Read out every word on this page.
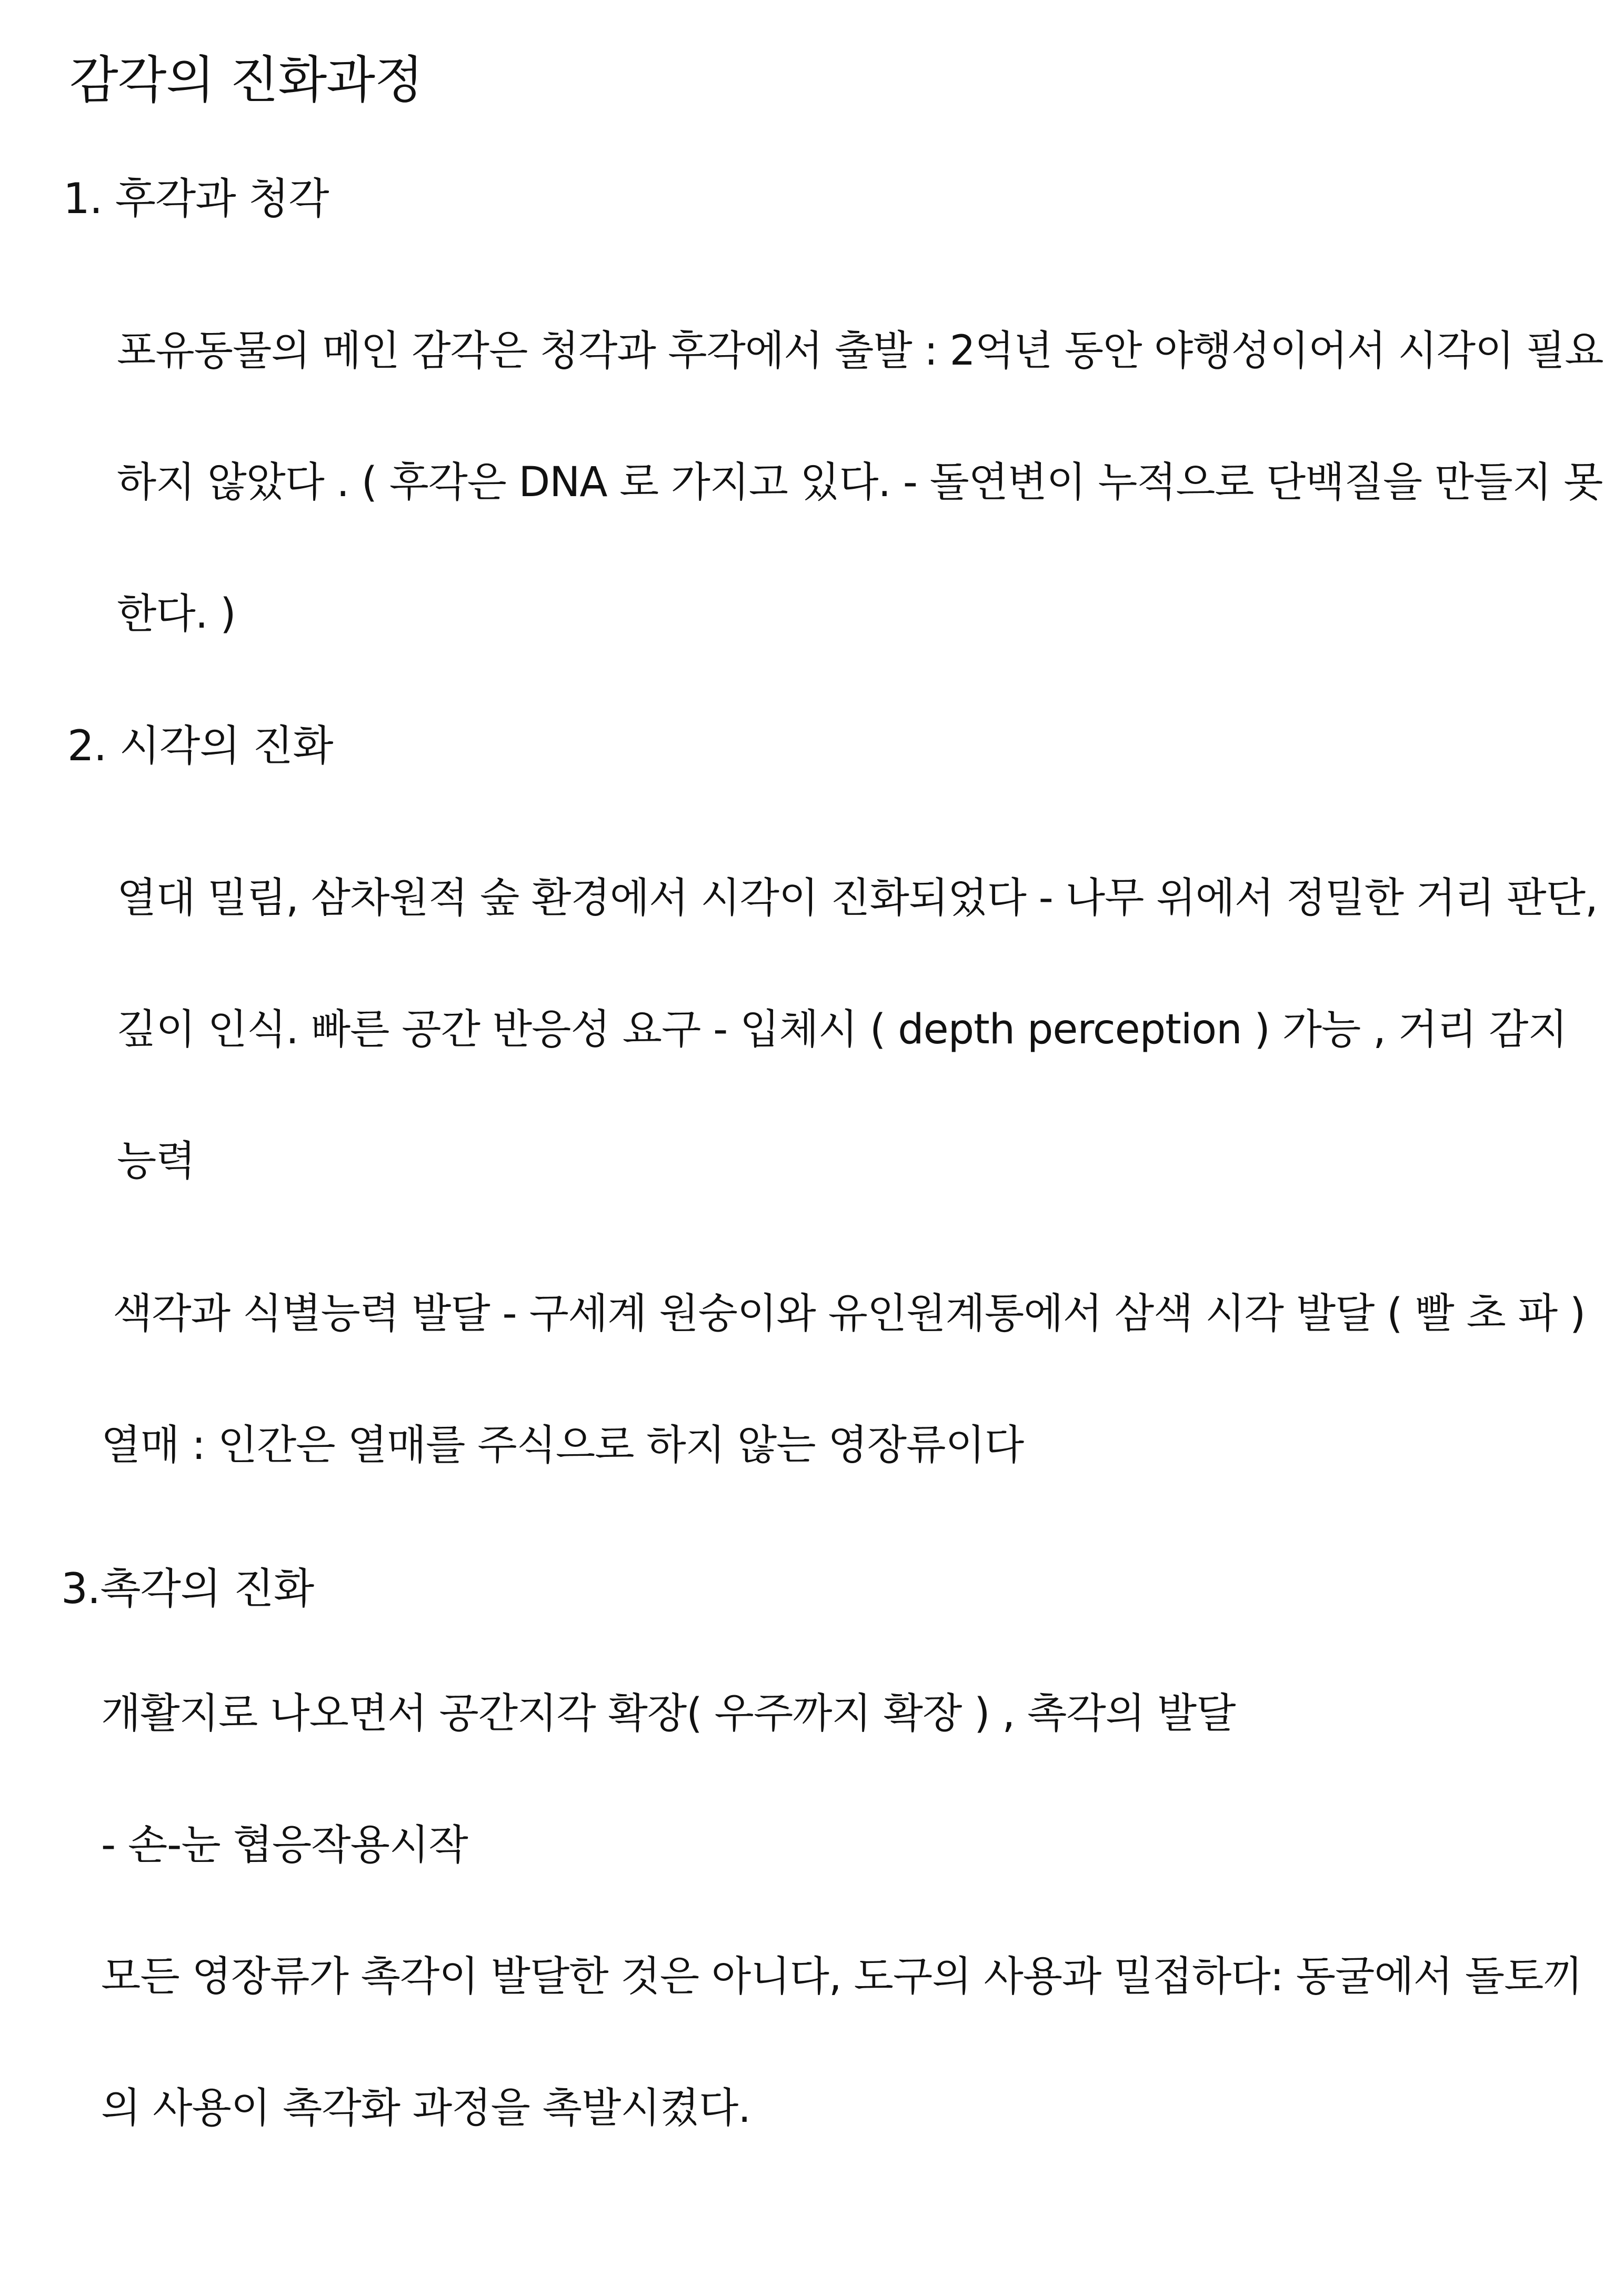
감각의 진화과정
1. 후각과 청각
포유동물의 메인 감각은 청각과 후각에서 출발 : 2억년 동안 야행성이어서 시각이 필요
하지 않았다 . ( 후각은 DNA 로 가지고 있다. - 돌연변이 누적으로 단백질을 만들지 못
한다. )
2. 시각의 진화
열대 밀림, 삼차원적 숲 환경에서 시각이 진화되었다 - 나무 위에서 정밀한 거리 판단,
깊이 인식. 빠른 공간 반응성 요구 - 입체시 ( depth perception ) 가능 , 거리 감지
능력
색각과 식별능력 발달 - 구세계 원숭이와 유인원계통에서 삼색 시각 발달 ( 빨 초 파 )
열매 : 인간은 열매를 주식으로 하지 않는 영장류이다
3.촉각의 진화
개활지로 나오면서 공간지각 확장( 우주까지 확장 ) , 촉각의 발달
- 손-눈 협응작용시작
모든 영장류가 촉각이 발달한 것은 아니다, 도구의 사용과 밀접하다: 동굴에서 돌토끼
의 사용이 촉각화 과정을 촉발시켰다.
